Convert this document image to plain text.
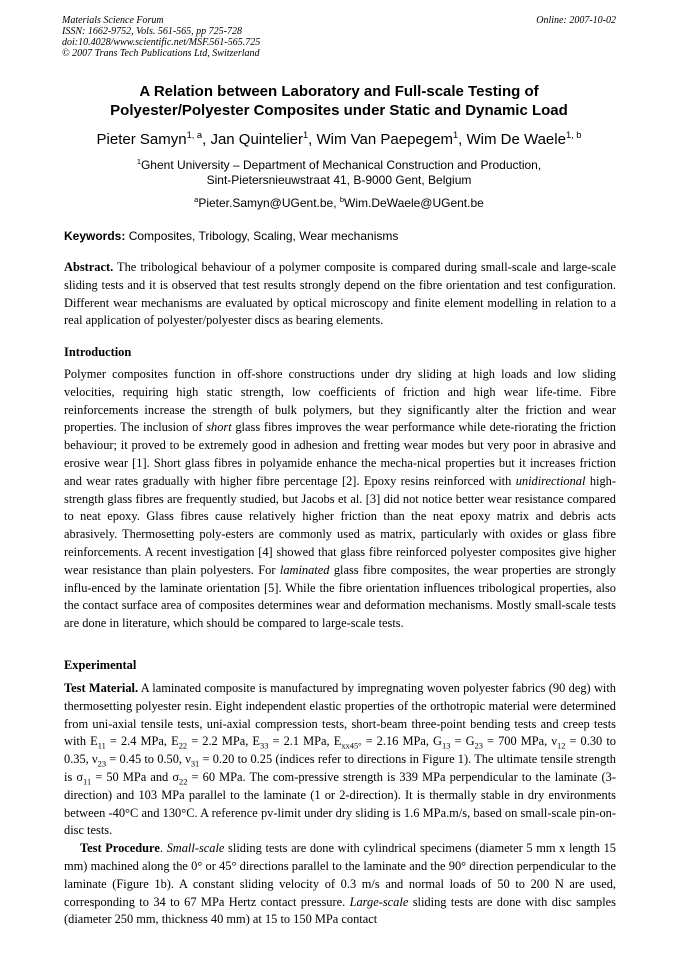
Materials Science Forum
ISSN: 1662-9752, Vols. 561-565, pp 725-728
doi:10.4028/www.scientific.net/MSF.561-565.725
© 2007 Trans Tech Publications Ltd, Switzerland
Online: 2007-10-02
A Relation between Laboratory and Full-scale Testing of
Polyester/Polyester Composites under Static and Dynamic Load
Pieter Samyn$^{1, a}$, Jan Quintelier$^1$, Wim Van Paepegem$^1$, Wim De Waele$^{1, b}$
$^1$Ghent University – Department of Mechanical Construction and Production,
Sint-Pietersnieuwstraat 41, B-9000 Gent, Belgium
$^a$Pieter.Samyn@UGent.be, $^b$Wim.DeWaele@UGent.be
Keywords: Composites, Tribology, Scaling, Wear mechanisms

Abstract. The tribological behaviour of a polymer composite is compared during small-scale and large-scale sliding tests and it is observed that test results strongly depend on the fibre orientation and test configuration. Different wear mechanisms are evaluated by optical microscopy and finite element modelling in relation to a real application of polyester/polyester discs as bearing elements.

Introduction

Polymer composites function in off-shore constructions under dry sliding at high loads and low sliding velocities, requiring high static strength, low coefficients of friction and high wear life-time. Fibre reinforcements increase the strength of bulk polymers, but they significantly alter the friction and wear properties. The inclusion of short glass fibres improves the wear performance while dete-riorating the friction behaviour; it proved to be extremely good in adhesion and fretting wear modes but very poor in abrasive and erosive wear [1]. Short glass fibres in polyamide enhance the mecha-nical properties but it increases friction and wear rates gradually with higher fibre percentage [2]. Epoxy resins reinforced with unidirectional high-strength glass fibres are frequently studied, but Jacobs et al. [3] did not notice better wear resistance compared to neat epoxy. Glass fibres cause relatively higher friction than the neat epoxy matrix and debris acts abrasively. Thermosetting poly-esters are commonly used as matrix, particularly with oxides or glass fibre reinforcements. A recent investigation [4] showed that glass fibre reinforced polyester composites give higher wear resistance than plain polyesters. For laminated glass fibre composites, the wear properties are strongly influ-enced by the laminate orientation [5]. While the fibre orientation influences tribological properties, also the contact surface area of composites determines wear and deformation mechanisms. Mostly small-scale tests are done in literature, which should be compared to large-scale tests.

Experimental

Test Material. A laminated composite is manufactured by impregnating woven polyester fabrics (90 deg) with thermosetting polyester resin. Eight independent elastic properties of the orthotropic material were determined from uni-axial tensile tests, uni-axial compression tests, short-beam three-point bending tests and creep tests with $E_{11} = 2.4$ MPa, $E_{22} = 2.2$ MPa, $E_{33} = 2.1$ MPa, $E_{xx45^\circ} = 2.16$ MPa, $G_{13} = G_{23} = 700$ MPa, $\nu_{12} = 0.30$ to 0.35, $\nu_{23} = 0.45$ to 0.50, $\nu_{31} = 0.20$ to 0.25 (indices refer to directions in Figure 1). The ultimate tensile strength is $\sigma_{11} = 50$ MPa and $\sigma_{22} = 60$ MPa. The com-pressive strength is 339 MPa perpendicular to the laminate (3-direction) and 103 MPa parallel to the laminate (1 or 2-direction). It is thermally stable in dry environments between -40°C and 130°C. A reference pv-limit under dry sliding is 1.6 MPa.m/s, based on small-scale pin-on-disc tests.

Test Procedure. Small-scale sliding tests are done with cylindrical specimens (diameter 5 mm x length 15 mm) machined along the 0° or 45° directions parallel to the laminate and the 90° direction perpendicular to the laminate (Figure 1b). A constant sliding velocity of 0.3 m/s and normal loads of 50 to 200 N are used, corresponding to 34 to 67 MPa Hertz contact pressure. Large-scale sliding tests are done with disc samples (diameter 250 mm, thickness 40 mm) at 15 to 150 MPa contact
